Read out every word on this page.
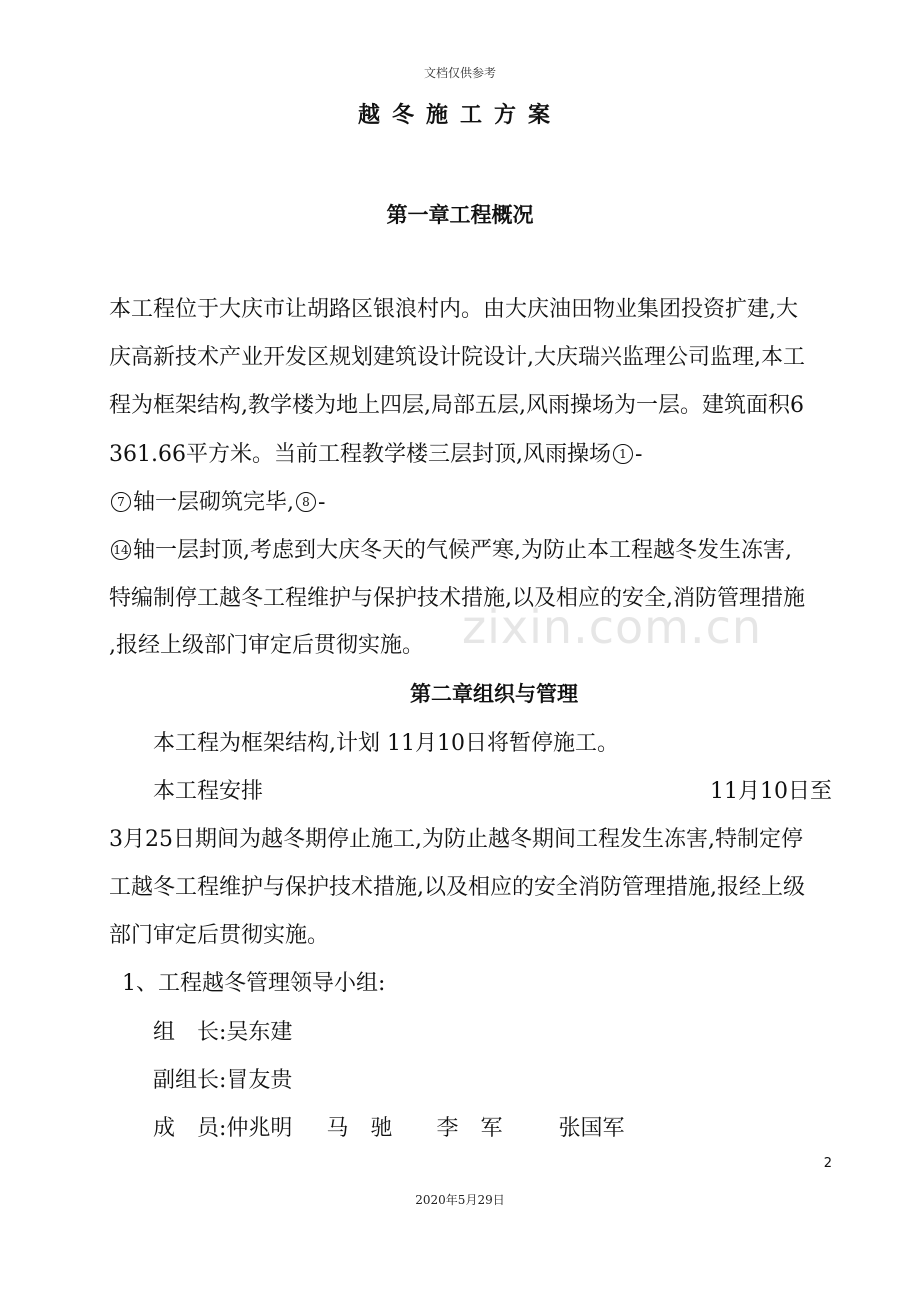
文档仅供参考
越冬施工方案
zixin.com.cn
第一章工程概况
本工程位于大庆市让胡路区银浪村内。由大庆油田物业集团投资扩建,大
庆高新技术产业开发区规划建筑设计院设计,大庆瑞兴监理公司监理,本工
程为框架结构,教学楼为地上四层,局部五层,风雨操场为一层。建筑面积6
361.66平方米。当前工程教学楼三层封顶,风雨操场 1 -
7 轴一层砌筑完毕, 8 -
14 轴一层封顶,考虑到大庆冬天的气候严寒,为防止本工程越冬发生冻害,
特编制停工越冬工程维护与保护技术措施,以及相应的安全,消防管理措施
,报经上级部门审定后贯彻实施。
第二章组织与管理
本工程为框架结构,计划 11月10日将暂停施工。
本工程安排	11月10日至
3月25日期间为越冬期停止施工,为防止越冬期间工程发生冻害,特制定停
工越冬工程维护与保护技术措施,以及相应的安全消防管理措施,报经上级
部门审定后贯彻实施。
1、工程越冬管理领导小组:
组　长:吴东建
副组长:冒友贵
成　员:仲兆明 马　驰 李　军	张国军
2
2020年5月29日
